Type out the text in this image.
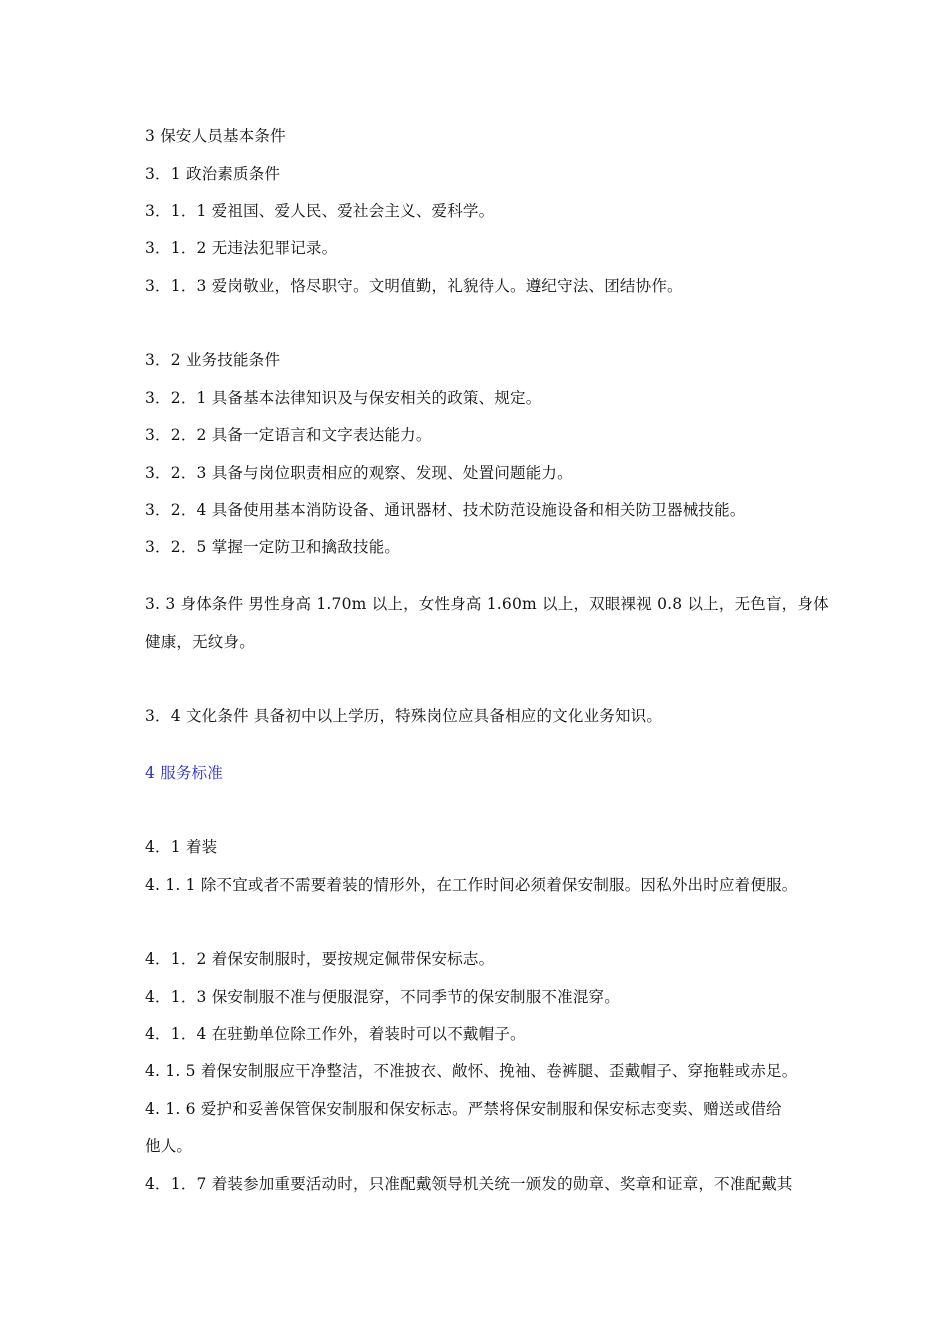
3 保安人员基本条件
3．1 政治素质条件
3．1．1 爱祖国、爱人民、爱社会主义、爱科学。
3．1．2 无违法犯罪记录。
3．1．3 爱岗敬业，恪尽职守。文明值勤，礼貌待人。遵纪守法、团结协作。
3．2 业务技能条件
3．2．1 具备基本法律知识及与保安相关的政策、规定。
3．2．2 具备一定语言和文字表达能力。
3．2．3 具备与岗位职责相应的观察、发现、处置问题能力。
3．2．4 具备使用基本消防设备、通讯器材、技术防范设施设备和相关防卫器械技能。
3．2．5 掌握一定防卫和擒敌技能。
3. 3 身体条件 男性身高 1.70m 以上，女性身高 1.60m 以上，双眼裸视 0.8 以上，无色盲，身体
健康，无纹身。
3．4 文化条件 具备初中以上学历，特殊岗位应具备相应的文化业务知识。
4 服务标准
4．1 着装
4. 1. 1 除不宜或者不需要着装的情形外，在工作时间必须着保安制服。因私外出时应着便服。
4．1．2 着保安制服时，要按规定佩带保安标志。
4．1．3 保安制服不准与便服混穿，不同季节的保安制服不准混穿。
4．1．4 在驻勤单位除工作外，着装时可以不戴帽子。
4. 1. 5 着保安制服应干净整洁，不准披衣、敞怀、挽袖、卷裤腿、歪戴帽子、穿拖鞋或赤足。
4. 1. 6 爱护和妥善保管保安制服和保安标志。严禁将保安制服和保安标志变卖、赠送或借给
他人。
4．1．7 着装参加重要活动时，只准配戴领导机关统一颁发的勋章、奖章和证章，不准配戴其
